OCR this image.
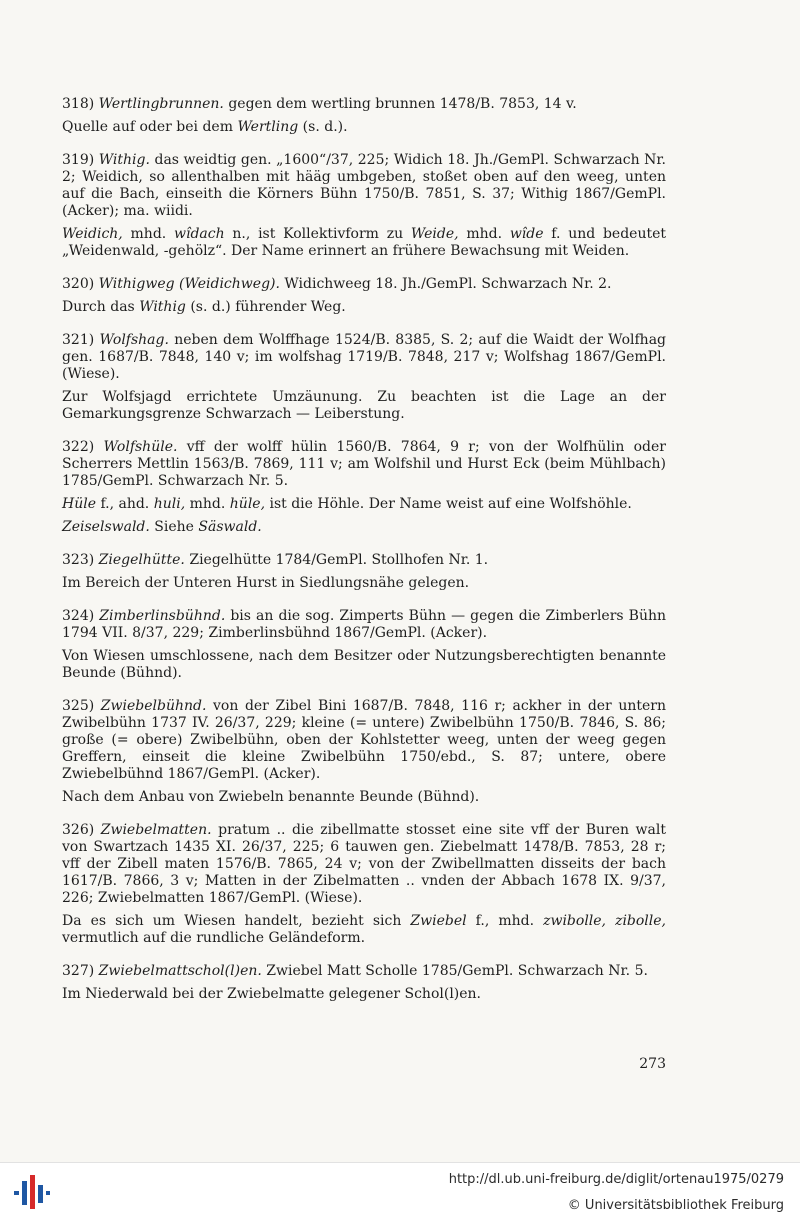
318) Wertlingbrunnen. gegen dem wertling brunnen 1478/B. 7853, 14 v.

Quelle auf oder bei dem Wertling (s. d.).

319) Withig. das weidtig gen. „1600“/37, 225; Widich 18. Jh./GemPl. Schwarzach Nr. 2; Weidich, so allenthalben mit hääg umbgeben, stoßet oben auf den weeg, unten auf die Bach, einseith die Körners Bühn 1750/B. 7851, S. 37; Withig 1867/GemPl. (Acker); ma. wiidi.

Weidich, mhd. wîdach n., ist Kollektivform zu Weide, mhd. wîde f. und bedeutet „Weidenwald, -gehölz“. Der Name erinnert an frühere Bewachsung mit Weiden.

320) Withigweg (Weidichweg). Widichweeg 18. Jh./GemPl. Schwarzach Nr. 2.

Durch das Withig (s. d.) führender Weg.

321) Wolfshag. neben dem Wolffhage 1524/B. 8385, S. 2; auf die Waidt der Wolfhag gen. 1687/B. 7848, 140 v; im wolfshag 1719/B. 7848, 217 v; Wolfshag 1867/GemPl. (Wiese).

Zur Wolfsjagd errichtete Umzäunung. Zu beachten ist die Lage an der Gemarkungsgrenze Schwarzach — Leiberstung.

322) Wolfshüle. vff der wolff hülin 1560/B. 7864, 9 r; von der Wolfhülin oder Scherrers Mettlin 1563/B. 7869, 111 v; am Wolfshil und Hurst Eck (beim Mühlbach) 1785/GemPl. Schwarzach Nr. 5.

Hüle f., ahd. huli, mhd. hüle, ist die Höhle. Der Name weist auf eine Wolfshöhle.

Zeiselswald. Siehe Säswald.

323) Ziegelhütte. Ziegelhütte 1784/GemPl. Stollhofen Nr. 1.

Im Bereich der Unteren Hurst in Siedlungsnähe gelegen.

324) Zimberlinsbühnd. bis an die sog. Zimperts Bühn — gegen die Zimberlers Bühn 1794 VII. 8/37, 229; Zimberlinsbühnd 1867/GemPl. (Acker).

Von Wiesen umschlossene, nach dem Besitzer oder Nutzungsberechtigten benannte Beunde (Bühnd).

325) Zwiebelbühnd. von der Zibel Bini 1687/B. 7848, 116 r; ackher in der untern Zwibelbühn 1737 IV. 26/37, 229; kleine (= untere) Zwibelbühn 1750/B. 7846, S. 86; große (= obere) Zwibelbühn, oben der Kohlstetter weeg, unten der weeg gegen Greffern, einseit die kleine Zwibelbühn 1750/ebd., S. 87; untere, obere Zwiebelbühnd 1867/GemPl. (Acker).

Nach dem Anbau von Zwiebeln benannte Beunde (Bühnd).

326) Zwiebelmatten. pratum .. die zibellmatte stosset eine site vff der Buren walt von Swartzach 1435 XI. 26/37, 225; 6 tauwen gen. Ziebelmatt 1478/B. 7853, 28 r; vff der Zibell maten 1576/B. 7865, 24 v; von der Zwibellmatten disseits der bach 1617/B. 7866, 3 v; Matten in der Zibelmatten .. vnden der Abbach 1678 IX. 9/37, 226; Zwiebelmatten 1867/GemPl. (Wiese).

Da es sich um Wiesen handelt, bezieht sich Zwiebel f., mhd. zwibolle, zibolle, vermutlich auf die rundliche Geländeform.

327) Zwiebelmattschol(l)en. Zwiebel Matt Scholle 1785/GemPl. Schwarzach Nr. 5.

Im Niederwald bei der Zwiebelmatte gelegener Schol(l)en.

273
http://dl.ub.uni-freiburg.de/diglit/ortenau1975/0279
© Universitätsbibliothek Freiburg
